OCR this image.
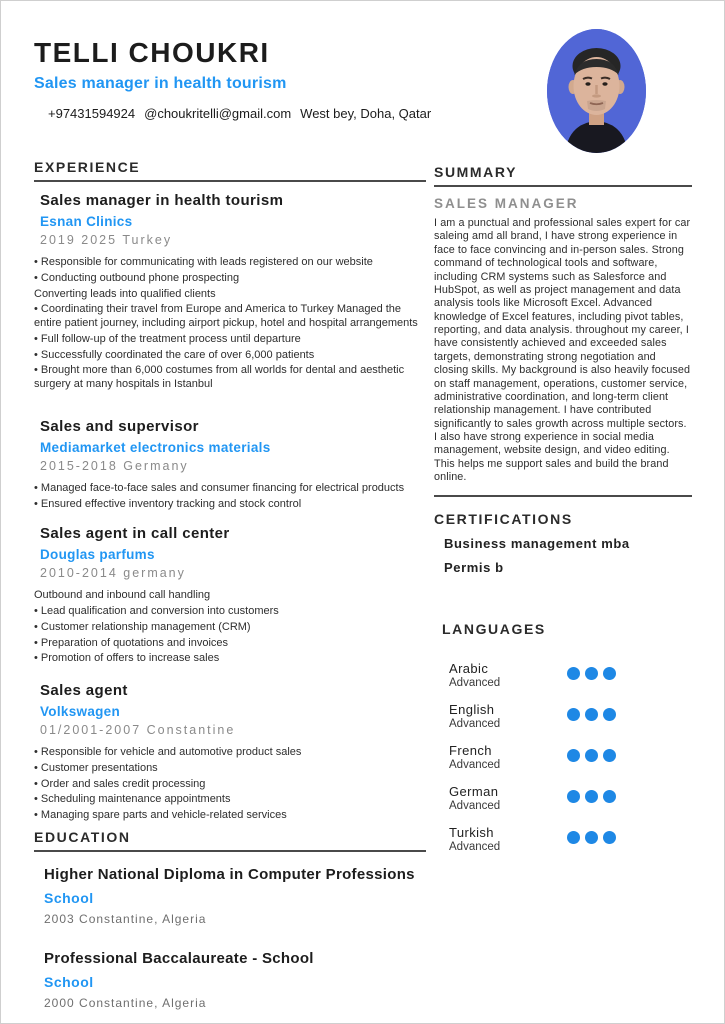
TELLI CHOUKRI
Sales manager in health tourism
+97431594924 @choukritelli@gmail.com West bey, Doha, Qatar
EXPERIENCE
Sales manager in health tourism
Esnan Clinics
2019 2025 Turkey
• Responsible for communicating with leads registered on our website
• Conducting outbound phone prospecting
Converting leads into qualified clients
• Coordinating their travel from Europe and America to Turkey Managed the entire patient journey, including airport pickup, hotel and hospital arrangements
• Full follow-up of the treatment process until departure
• Successfully coordinated the care of over 6,000 patients
• Brought more than 6,000 costumes from all worlds for dental and aesthetic surgery at many hospitals in Istanbul
Sales and supervisor
Mediamarket electronics materials
2015-2018 Germany
• Managed face-to-face sales and consumer financing for electrical products
• Ensured effective inventory tracking and stock control
Sales agent in call center
Douglas parfums
2010-2014 germany
Outbound and inbound call handling
• Lead qualification and conversion into customers
• Customer relationship management (CRM)
• Preparation of quotations and invoices
• Promotion of offers to increase sales
Sales agent
Volkswagen
01/2001-2007 Constantine
• Responsible for vehicle and automotive product sales
• Customer presentations
• Order and sales credit processing
• Scheduling maintenance appointments
• Managing spare parts and vehicle-related services
EDUCATION
Higher National Diploma in Computer Professions
School
2003 Constantine, Algeria
Professional Baccalaureate - School
School
2000 Constantine, Algeria
SUMMARY
SALES MANAGER
I am a punctual and professional sales expert for car saleing amd all brand, I have strong experience in face to face convincing and in-person sales. Strong command of technological tools and software, including CRM systems such as Salesforce and HubSpot, as well as project management and data analysis tools like Microsoft Excel. Advanced knowledge of Excel features, including pivot tables, reporting, and data analysis. throughout my career, I have consistently achieved and exceeded sales targets, demonstrating strong negotiation and closing skills. My background is also heavily focused on staff management, operations, customer service, administrative coordination, and long-term client relationship management. I have contributed significantly to sales growth across multiple sectors. I also have strong experience in social media management, website design, and video editing. This helps me support sales and build the brand online.
CERTIFICATIONS
Business management mba
Permis b
LANGUAGES
Arabic
Advanced
English
Advanced
French
Advanced
German
Advanced
Turkish
Advanced
